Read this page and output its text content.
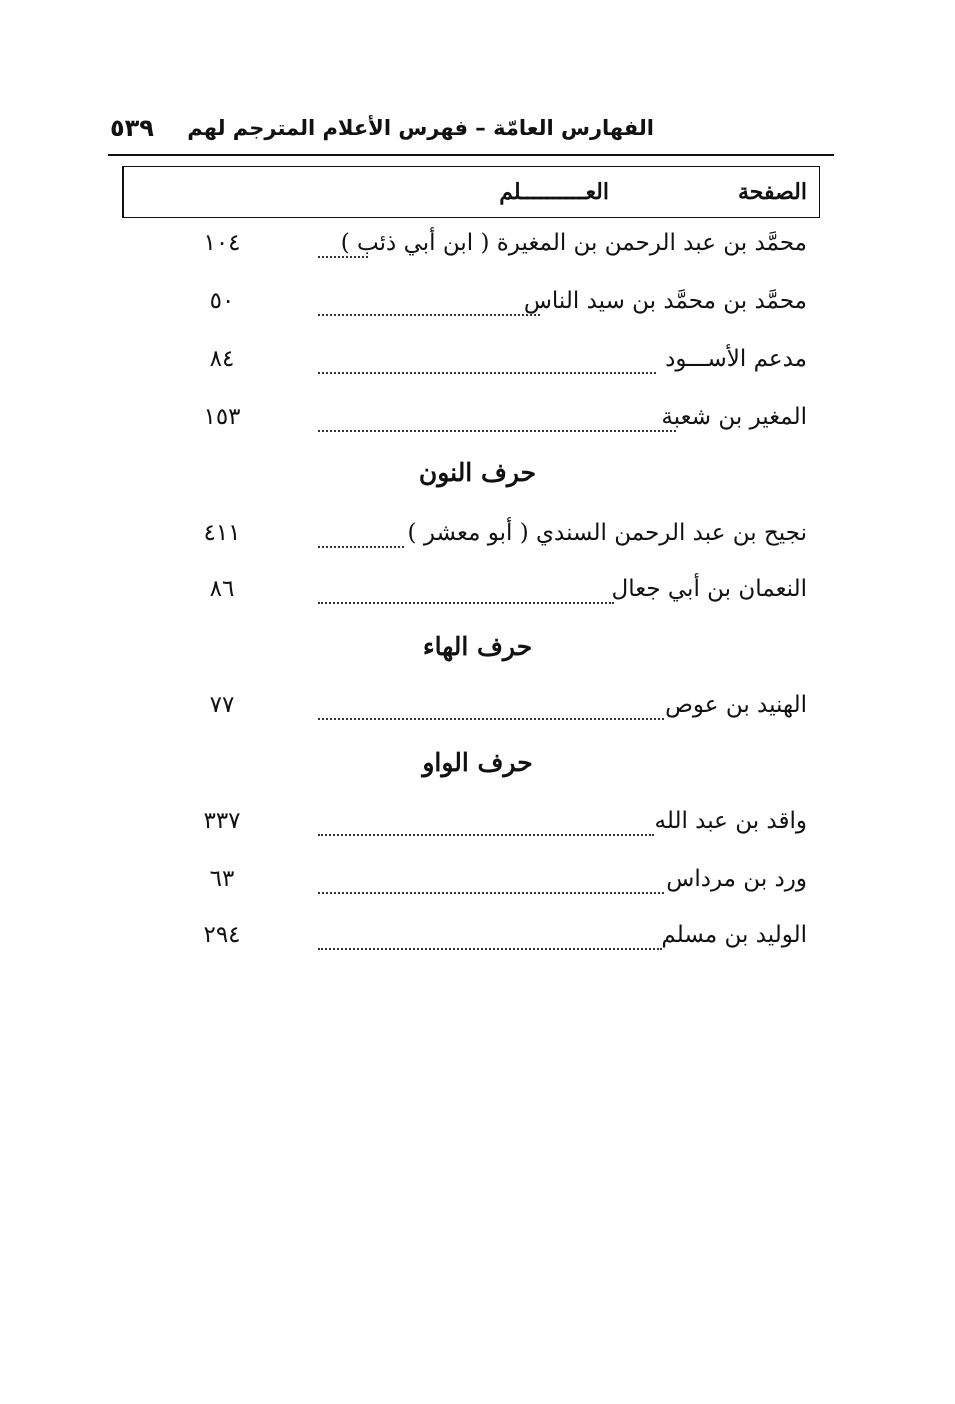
الفهارس العامّة – فهرس الأعلام المترجم لهم
٥٣٩
العــــــــــلم	الصفحة
محمَّد بن عبد الرحمن بن المغيرة ( ابن أبي ذئب )
١٠٤
محمَّد بن محمَّد بن سيد الناس
٥٠
مدعم الأســـود
٨٤
المغير بن شعبة
١٥٣
حرف النون
نجيح بن عبد الرحمن السندي ( أبو معشر )
٤١١
النعمان بن أبي جعال
٨٦
حرف الهاء
الهنيد بن عوص
٧٧
حرف الواو
واقد بن عبد الله
٣٣٧
ورد بن مرداس
٦٣
الوليد بن مسلم
٢٩٤
